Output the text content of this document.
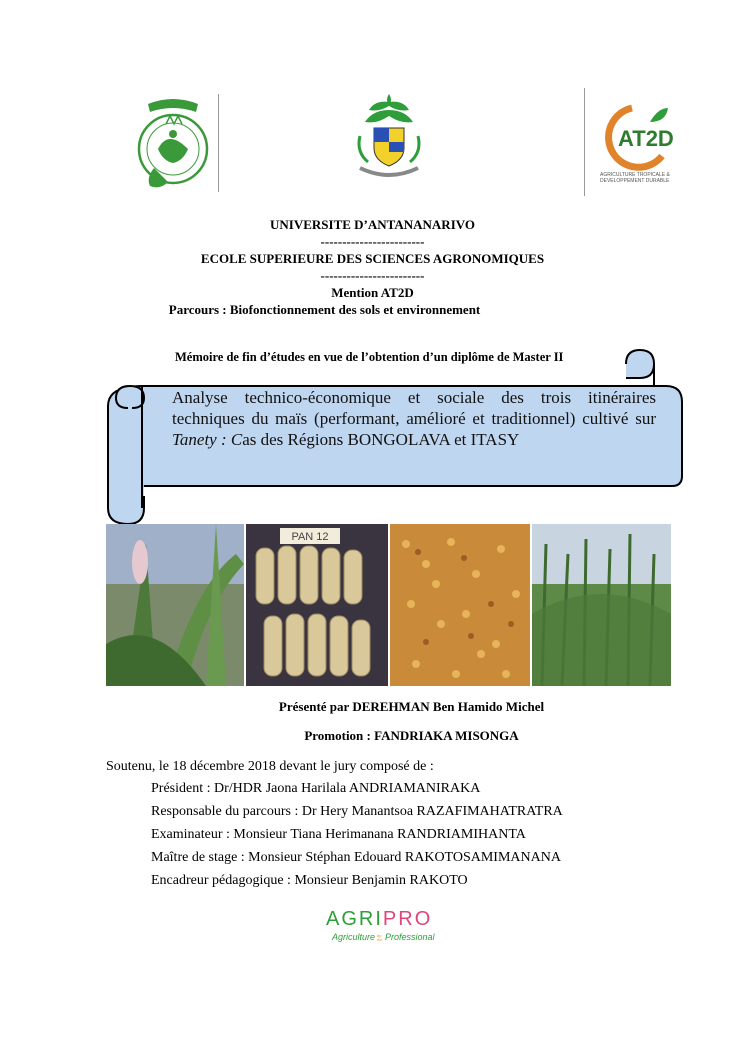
AT2D
AGRICULTURE TROPICALE &
DEVELOPPEMENT DURABLE
UNIVERSITE D’ANTANANARIVO
------------------------
ECOLE SUPERIEURE DES SCIENCES AGRONOMIQUES
------------------------
Mention AT2D
Parcours : Biofonctionnement des sols et environnement
Mémoire de fin d’études en vue de l’obtention d’un diplôme de Master II
Analyse technico-économique et sociale des trois itinéraires techniques du maïs (performant, amélioré et traditionnel) cultivé sur Tanety : Cas des Régions BONGOLAVA et ITASY
PAN 12
Présenté par DEREHMAN Ben Hamido Michel
Promotion : FANDRIAKA MISONGA
Soutenu, le 18 décembre 2018 devant le jury composé de :
Président : Dr/HDR Jaona Harilala ANDRIAMANIRAKA
Responsable du parcours : Dr Hery Manantsoa RAZAFIMAHATRATRA
Examinateur : Monsieur Tiana Herimanana RANDRIAMIHANTA
Maître de stage : Monsieur Stéphan Edouard RAKOTOSAMIMANANA
Encadreur pédagogique : Monsieur Benjamin RAKOTO
AGRIPRO
Agriculture $^{by}$ for Professional
